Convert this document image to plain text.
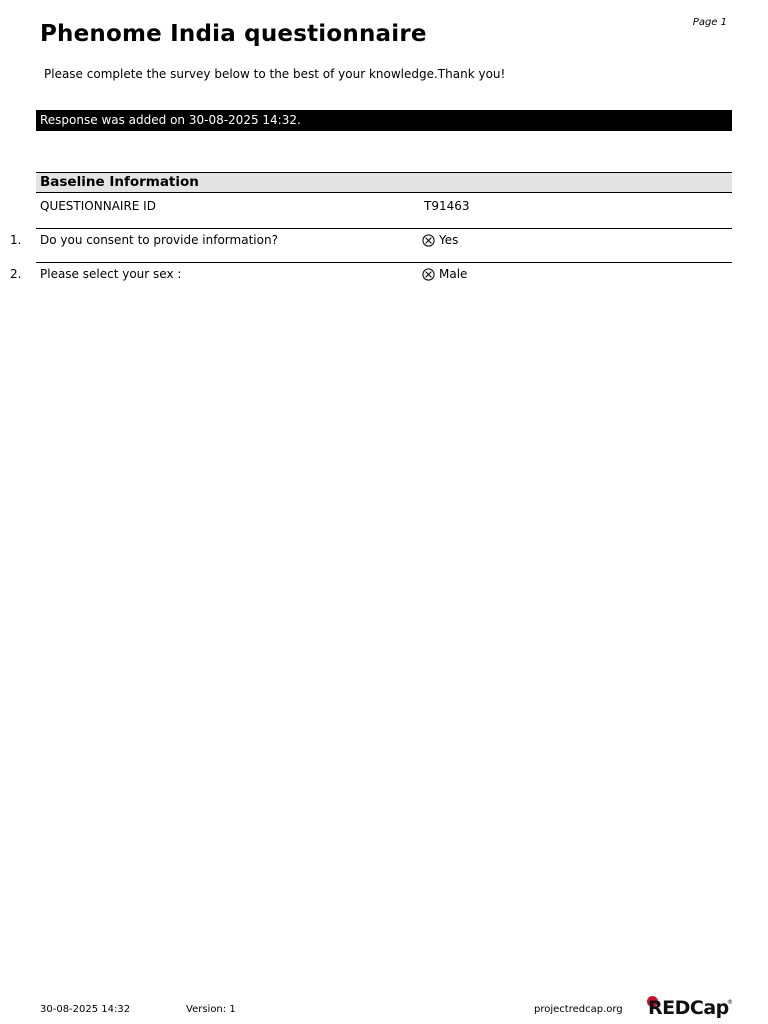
Page 1
Phenome India questionnaire
Please complete the survey below to the best of your knowledge.Thank you!
Response was added on 30-08-2025 14:32.
Baseline Information
QUESTIONNAIRE ID	T91463
1. Do you consent to provide information?	Yes
2. Please select your sex :	Male
30-08-2025 14:32	Version: 1	projectredcap.org REDCap
®
